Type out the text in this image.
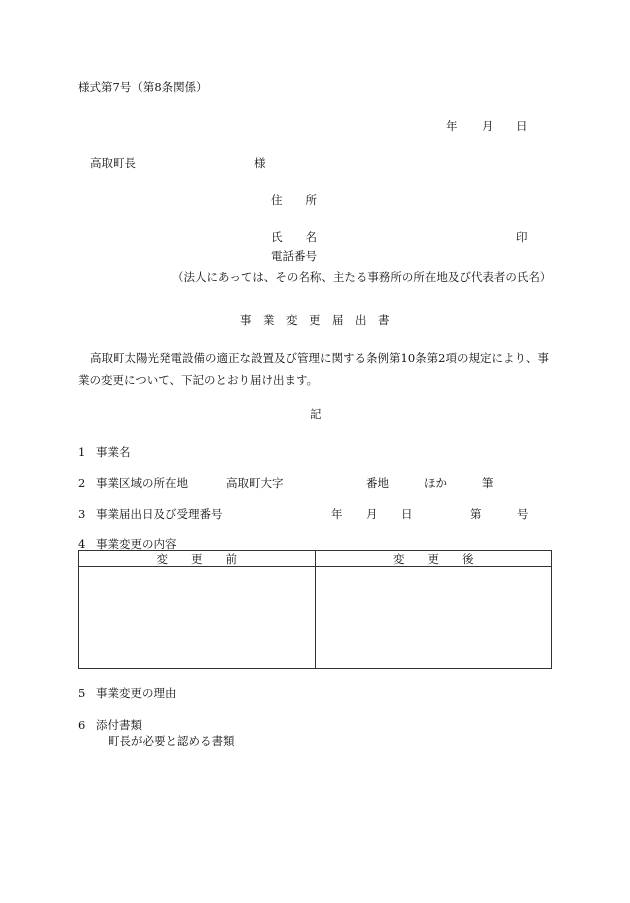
様式第7号（第8条関係）
年 月 日
高取町長	様
住　　所
氏　　名	印
電話番号
（法人にあっては、その名称、主たる事務所の所在地及び代表者の氏名）
事　業　変　更　届　出　書
高取町太陽光発電設備の適正な設置及び管理に関する条例第10条第2項の規定により、事業の変更について、下記のとおり届け出ます。
記
1 事業名
2 事業区域の所在地	高取町大字	番地	ほか	筆
3 事業届出日及び受理番号	年 月 日	第	号
4 事業変更の内容
変　　更　　前	変　　更　　後

5 事業変更の理由
6 添付書類
町長が必要と認める書類
